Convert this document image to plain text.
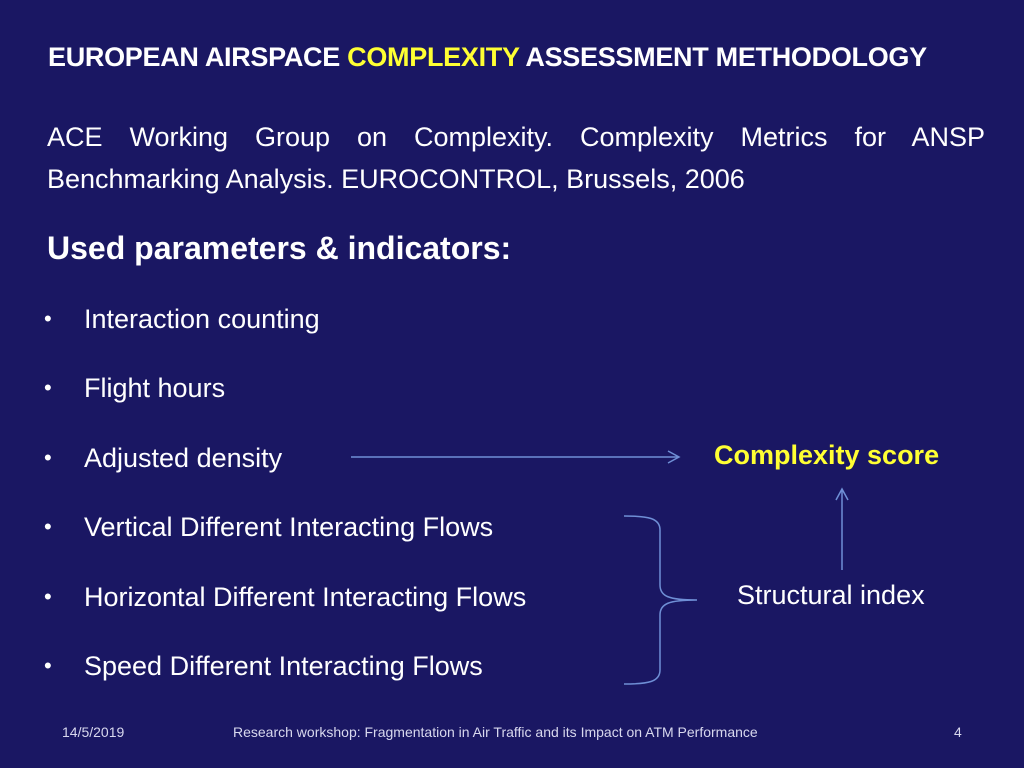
EUROPEAN AIRSPACE COMPLEXITY ASSESSMENT METHODOLOGY
ACE Working Group on Complexity. Complexity Metrics for ANSP Benchmarking Analysis. EUROCONTROL, Brussels, 2006
Used parameters & indicators:
•	Interaction counting
•	Flight hours
•	Adjusted density
•	Vertical Different Interacting Flows
•	Horizontal Different Interacting Flows
•	Speed Different Interacting Flows
Complexity score
Structural index
14/5/2019	Research workshop: Fragmentation in Air Traffic and its Impact on ATM Performance	4
